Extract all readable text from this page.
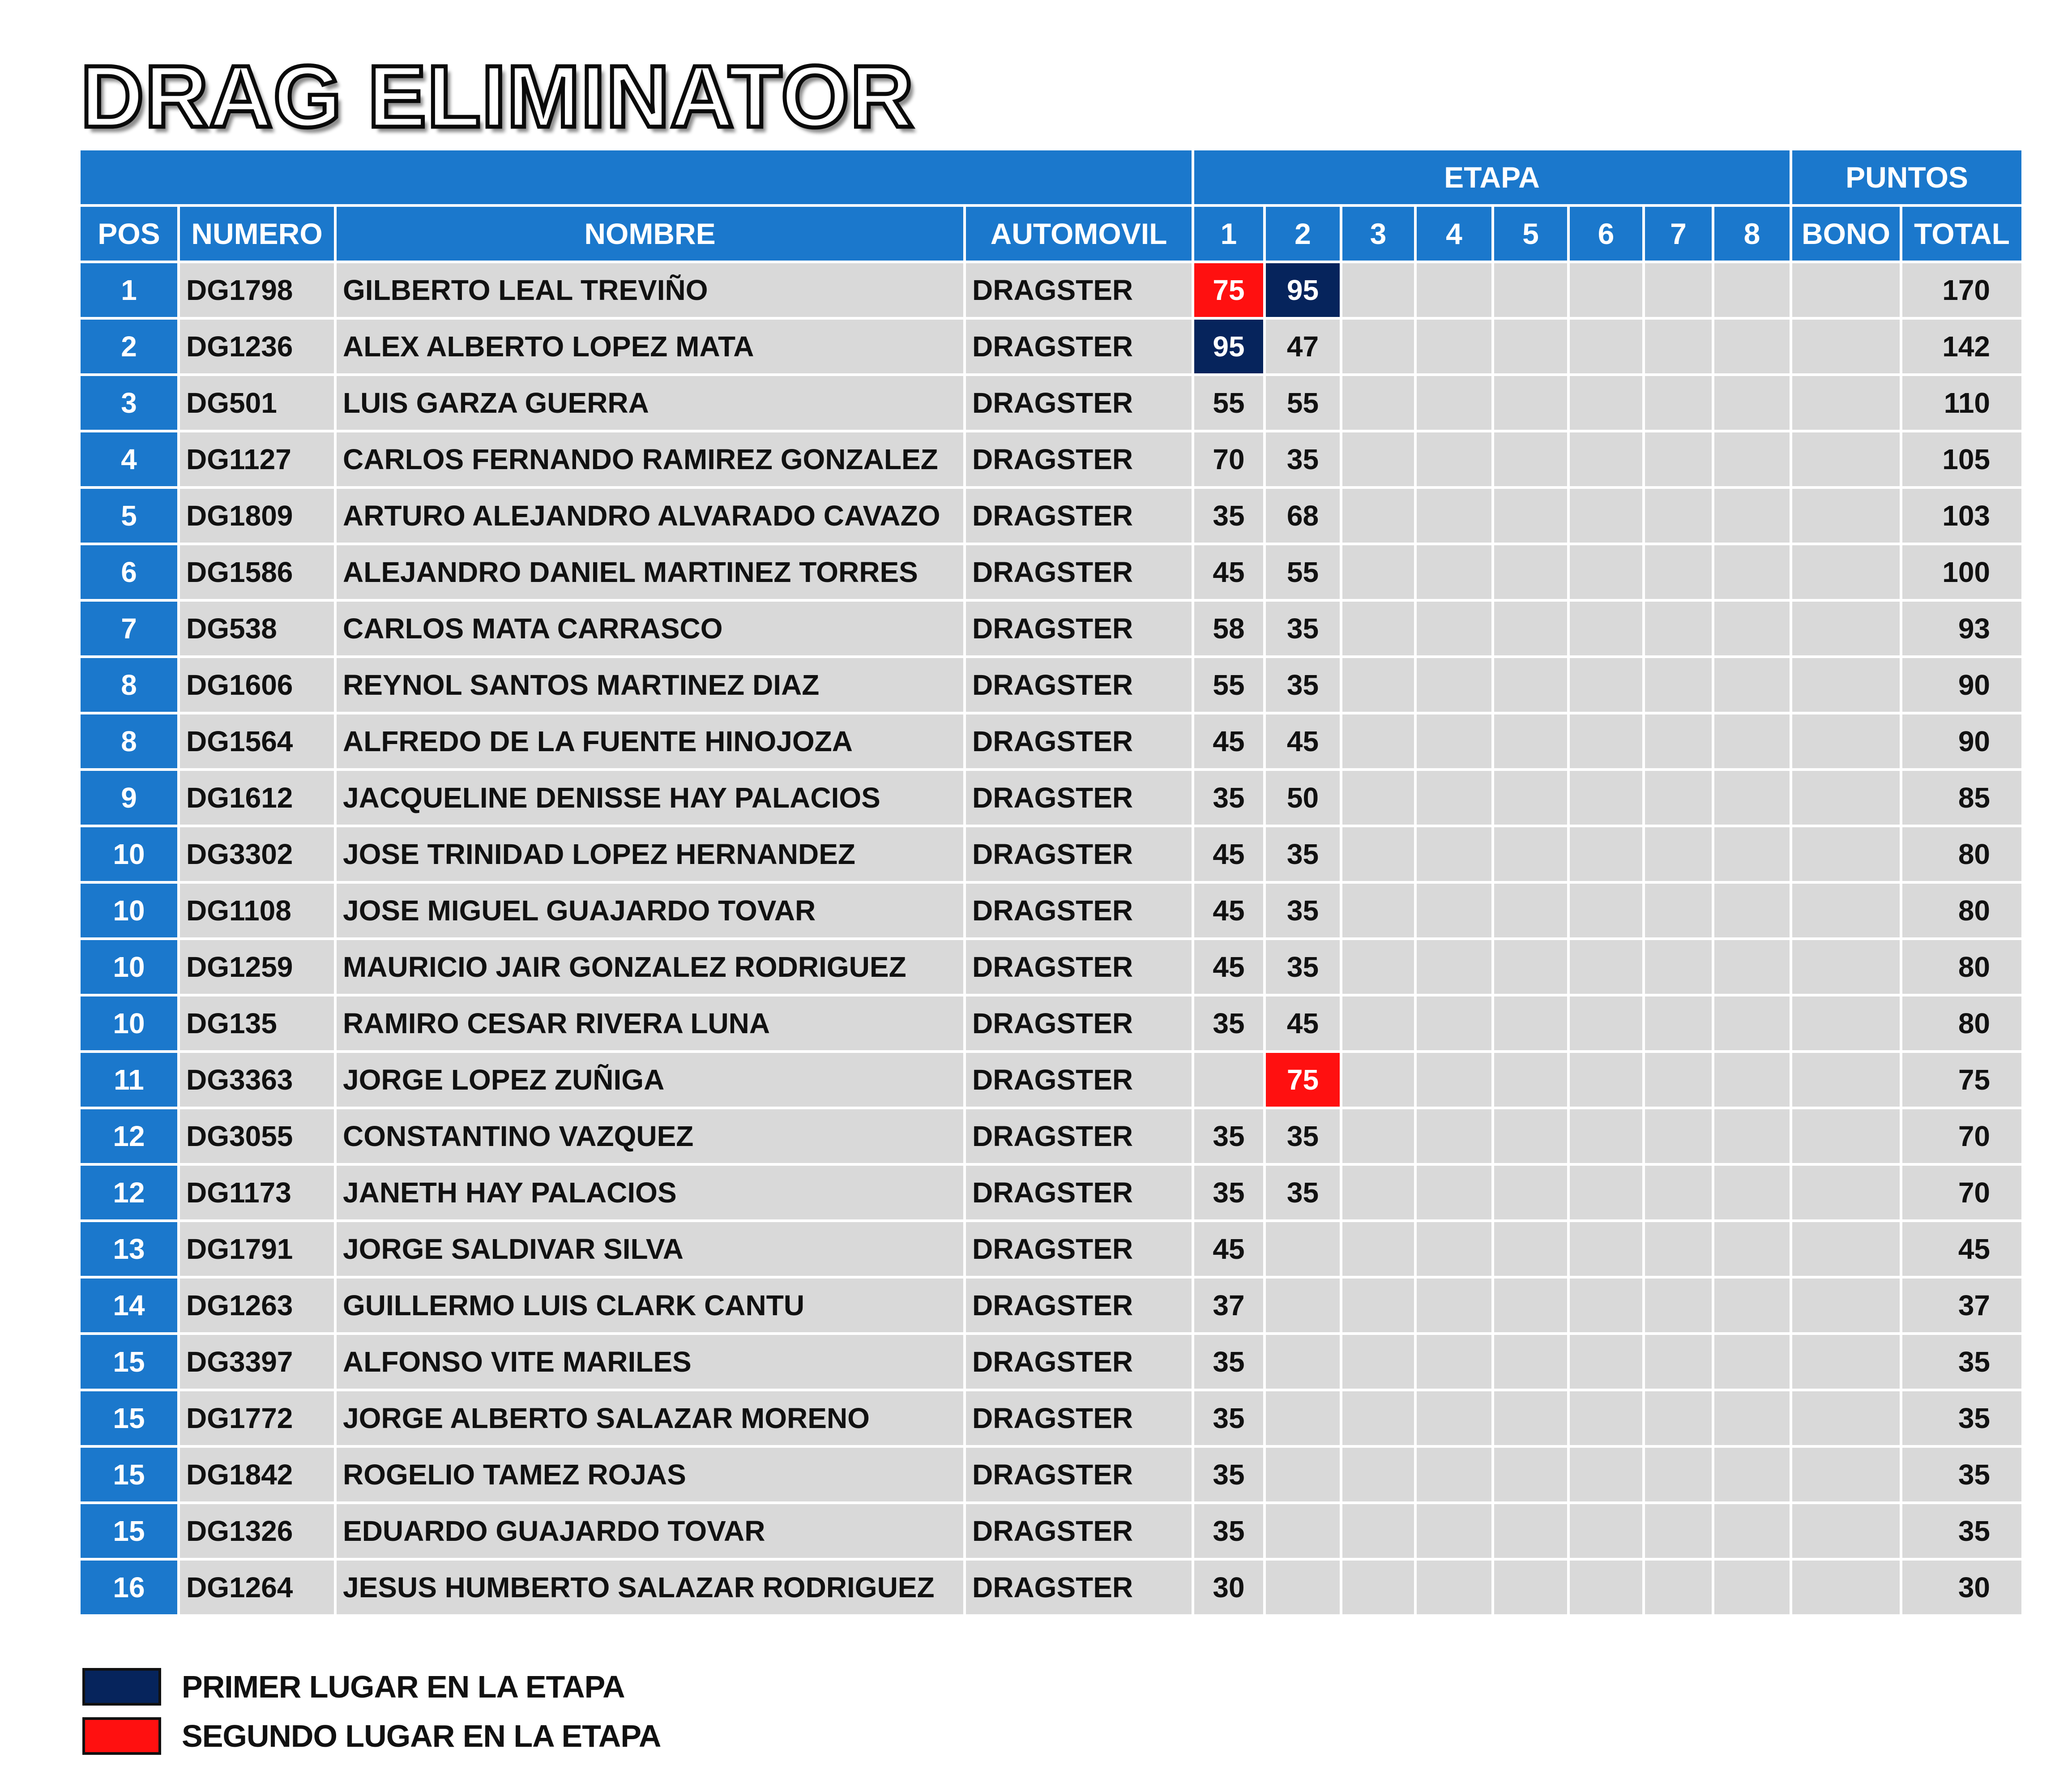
DRAG ELIMINATOR
				ETAPA								PUNTOS	
POS	NUMERO	NOMBRE	AUTOMOVIL	1	2	3	4	5	6	7	8	BONO	TOTAL
1	DG1798	GILBERTO LEAL TREVIÑO	DRAGSTER	75	95								170
2	DG1236	ALEX ALBERTO LOPEZ MATA	DRAGSTER	95	47								142
3	DG501	LUIS GARZA GUERRA	DRAGSTER	55	55								110
4	DG1127	CARLOS FERNANDO RAMIREZ GONZALEZ	DRAGSTER	70	35								105
5	DG1809	ARTURO ALEJANDRO ALVARADO CAVAZO	DRAGSTER	35	68								103
6	DG1586	ALEJANDRO DANIEL MARTINEZ TORRES	DRAGSTER	45	55								100
7	DG538	CARLOS MATA CARRASCO	DRAGSTER	58	35								93
8	DG1606	REYNOL SANTOS MARTINEZ DIAZ	DRAGSTER	55	35								90
8	DG1564	ALFREDO DE LA FUENTE HINOJOZA	DRAGSTER	45	45								90
9	DG1612	JACQUELINE DENISSE HAY PALACIOS	DRAGSTER	35	50								85
10	DG3302	JOSE TRINIDAD LOPEZ HERNANDEZ	DRAGSTER	45	35								80
10	DG1108	JOSE MIGUEL GUAJARDO TOVAR	DRAGSTER	45	35								80
10	DG1259	MAURICIO JAIR GONZALEZ RODRIGUEZ	DRAGSTER	45	35								80
10	DG135	RAMIRO CESAR RIVERA LUNA	DRAGSTER	35	45								80
11	DG3363	JORGE LOPEZ ZUÑIGA	DRAGSTER		75								75
12	DG3055	CONSTANTINO VAZQUEZ	DRAGSTER	35	35								70
12	DG1173	JANETH HAY PALACIOS	DRAGSTER	35	35								70
13	DG1791	JORGE SALDIVAR SILVA	DRAGSTER	45									45
14	DG1263	GUILLERMO LUIS CLARK CANTU	DRAGSTER	37									37
15	DG3397	ALFONSO VITE MARILES	DRAGSTER	35									35
15	DG1772	JORGE ALBERTO SALAZAR MORENO	DRAGSTER	35									35
15	DG1842	ROGELIO TAMEZ ROJAS	DRAGSTER	35									35
15	DG1326	EDUARDO GUAJARDO TOVAR	DRAGSTER	35									35
16	DG1264	JESUS HUMBERTO SALAZAR RODRIGUEZ	DRAGSTER	30									30
PRIMER LUGAR EN LA ETAPA
SEGUNDO LUGAR EN LA ETAPA
